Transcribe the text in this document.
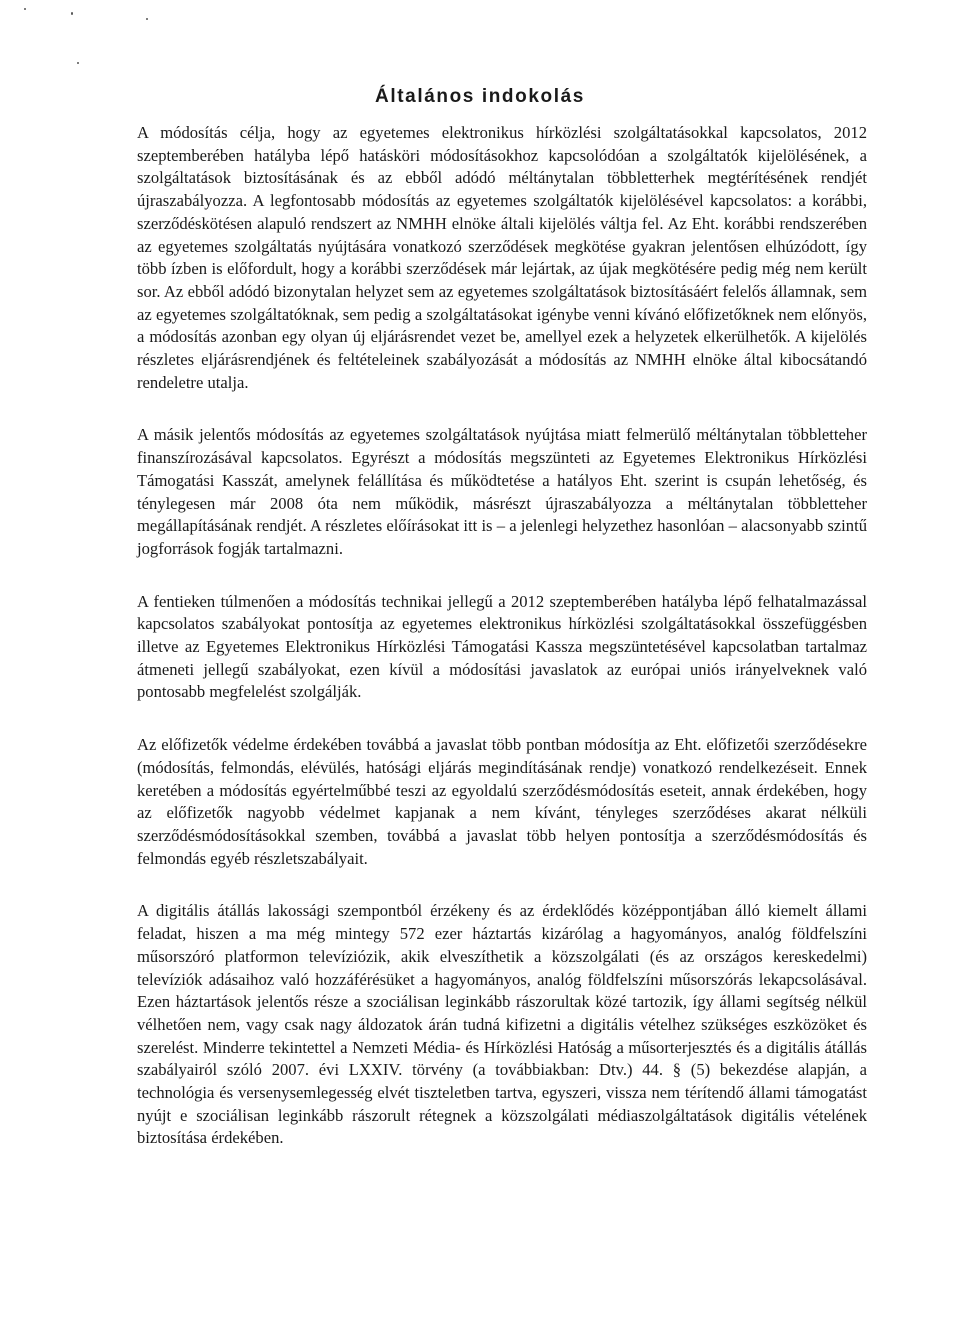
Általános indokolás

A módosítás célja, hogy az egyetemes elektronikus hírközlési szolgáltatásokkal kapcsolatos, 2012 szeptemberében hatályba lépő hatásköri módosításokhoz kapcsolódóan a szolgáltatók kijelölésének, a szolgáltatások biztosításának és az ebből adódó méltánytalan többletterhek megtérítésének rendjét újraszabályozza. A legfontosabb módosítás az egyetemes szolgáltatók kijelölésével kapcsolatos: a korábbi, szerződéskötésen alapuló rendszert az NMHH elnöke általi kijelölés váltja fel. Az Eht. korábbi rendszerében az egyetemes szolgáltatás nyújtására vonatkozó szerződések megkötése gyakran jelentősen elhúzódott, így több ízben is előfordult, hogy a korábbi szerződések már lejártak, az újak megkötésére pedig még nem került sor. Az ebből adódó bizonytalan helyzet sem az egyetemes szolgáltatások biztosításáért felelős államnak, sem az egyetemes szolgáltatóknak, sem pedig a szolgáltatásokat igénybe venni kívánó előfizetőknek nem előnyös, a módosítás azonban egy olyan új eljárásrendet vezet be, amellyel ezek a helyzetek elkerülhetők. A kijelölés részletes eljárásrendjének és feltételeinek szabályozását a módosítás az NMHH elnöke által kibocsátandó rendeletre utalja.

A másik jelentős módosítás az egyetemes szolgáltatások nyújtása miatt felmerülő méltánytalan többletteher finanszírozásával kapcsolatos. Egyrészt a módosítás megszünteti az Egyetemes Elektronikus Hírközlési Támogatási Kasszát, amelynek felállítása és működtetése a hatályos Eht. szerint is csupán lehetőség, és ténylegesen már 2008 óta nem működik, másrészt újraszabályozza a méltánytalan többletteher megállapításának rendjét. A részletes előírásokat itt is – a jelenlegi helyzethez hasonlóan – alacsonyabb szintű jogforrások fogják tartalmazni.

A fentieken túlmenően a módosítás technikai jellegű a 2012 szeptemberében hatályba lépő felhatalmazással kapcsolatos szabályokat pontosítja az egyetemes elektronikus hírközlési szolgáltatásokkal összefüggésben illetve az Egyetemes Elektronikus Hírközlési Támogatási Kassza megszüntetésével kapcsolatban tartalmaz átmeneti jellegű szabályokat, ezen kívül a módosítási javaslatok az európai uniós irányelveknek való pontosabb megfelelést szolgálják.

Az előfizetők védelme érdekében továbbá a javaslat több pontban módosítja az Eht. előfizetői szerződésekre (módosítás, felmondás, elévülés, hatósági eljárás megindításának rendje) vonatkozó rendelkezéseit. Ennek keretében a módosítás egyértelműbbé teszi az egyoldalú szerződésmódosítás eseteit, annak érdekében, hogy az előfizetők nagyobb védelmet kapjanak a nem kívánt, tényleges szerződéses akarat nélküli szerződésmódosításokkal szemben, továbbá a javaslat több helyen pontosítja a szerződésmódosítás és felmondás egyéb részletszabályait.

A digitális átállás lakossági szempontból érzékeny és az érdeklődés középpontjában álló kiemelt állami feladat, hiszen a ma még mintegy 572 ezer háztartás kizárólag a hagyományos, analóg földfelszíni műsorszóró platformon televíziózik, akik elveszíthetik a közszolgálati (és az országos kereskedelmi) televíziók adásaihoz való hozzáférésüket a hagyományos, analóg földfelszíni műsorszórás lekapcsolásával. Ezen háztartások jelentős része a szociálisan leginkább rászorultak közé tartozik, így állami segítség nélkül vélhetően nem, vagy csak nagy áldozatok árán tudná kifizetni a digitális vételhez szükséges eszközöket és szerelést. Minderre tekintettel a Nemzeti Média- és Hírközlési Hatóság a műsorterjesztés és a digitális átállás szabályairól szóló 2007. évi LXXIV. törvény (a továbbiakban: Dtv.) 44. § (5) bekezdése alapján, a technológia és versenysemlegesség elvét tiszteletben tartva, egyszeri, vissza nem térítendő állami támogatást nyújt e szociálisan leginkább rászorult rétegnek a közszolgálati médiaszolgáltatások digitális vételének biztosítása érdekében.
